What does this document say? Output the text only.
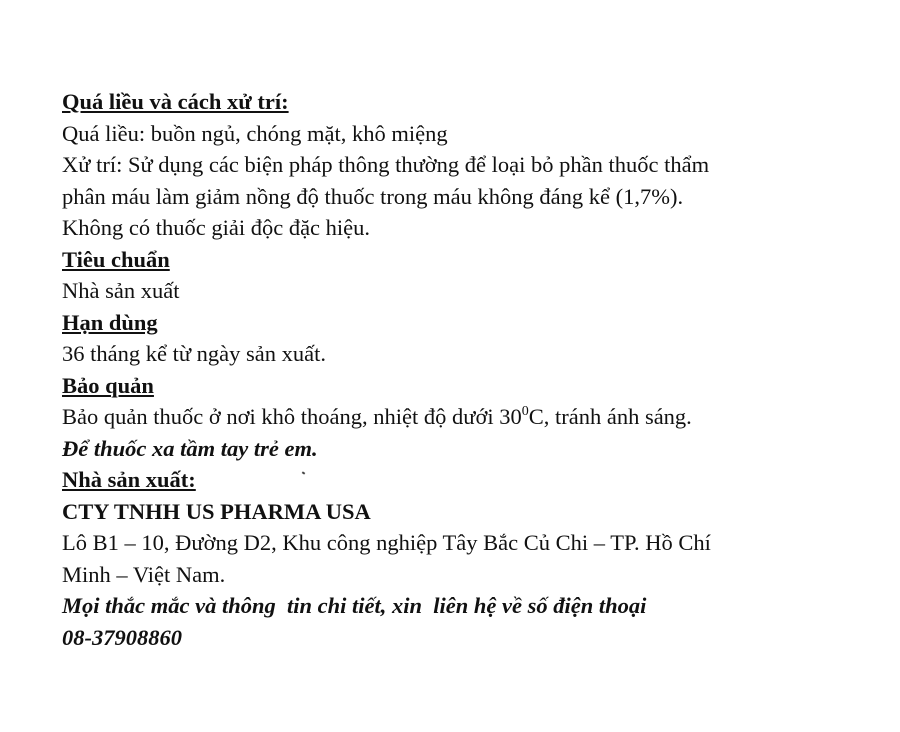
Quá liều và cách xử trí:

Quá liều: buồn ngủ, chóng mặt, khô miệng

Xử trí: Sử dụng các biện pháp thông thường để loại bỏ phần thuốc thẩm

phân máu làm giảm nồng độ thuốc trong máu không đáng kể (1,7%).

Không có thuốc giải độc đặc hiệu.

Tiêu chuẩn

Nhà sản xuất

Hạn dùng

36 tháng kể từ ngày sản xuất.

Bảo quản

Bảo quản thuốc ở nơi khô thoáng, nhiệt độ dưới $30^0C$, tránh ánh sáng.

Để thuốc xa tầm tay trẻ em.

Nhà sản xuất:

CTY TNHH US PHARMA USA

Lô B1 – 10, Đường D2, Khu công nghiệp Tây Bắc Củ Chi – TP. Hồ Chí

Minh – Việt Nam.

Mọi thắc mắc và thông  tin chi tiết, xin  liên hệ về số điện thoại

08-37908860
